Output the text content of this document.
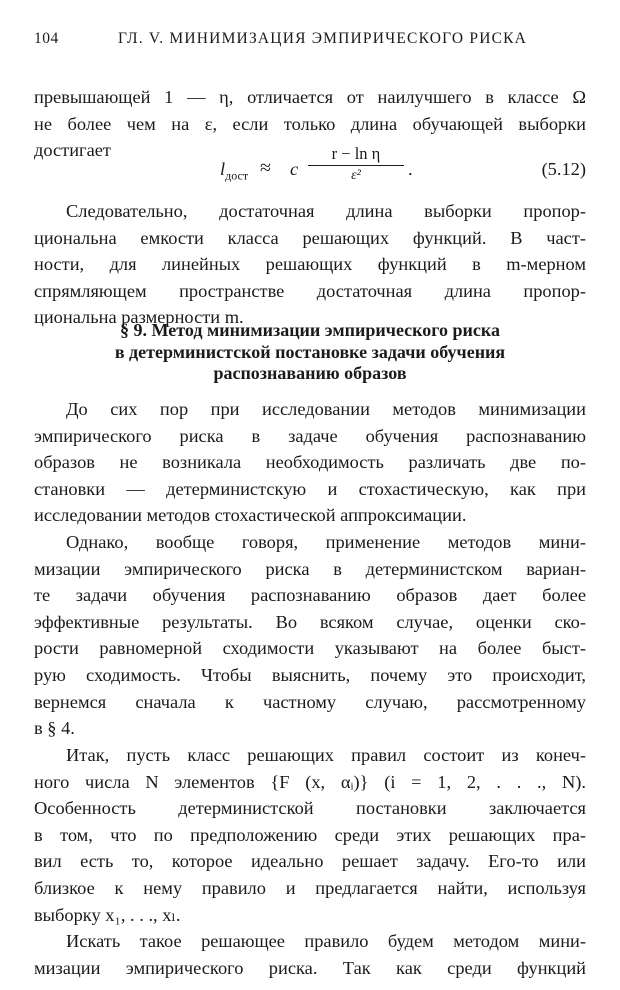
104	ГЛ. V. МИНИМИЗАЦИЯ ЭМПИРИЧЕСКОГО РИСКА

превышающей 1 — η, отличается от наилучшего в классе Ω

не более чем на ε, если только длина обучающей выборки

достигает

$l_{дост} \approx c$
r − ln η
ε²	.	(5.12)

Следовательно, достаточная длина выборки пропор-

циональна емкости класса решающих функций. В част-

ности, для линейных решающих функций в m-мерном

спрямляющем пространстве достаточная длина пропор-

циональна размерности m.

§ 9. Метод минимизации эмпирического риска
в детерминистской постановке задачи обучения
распознаванию образов

До сих пор при исследовании методов минимизации

эмпирического риска в задаче обучения распознаванию

образов не возникала необходимость различать две по-

становки — детерминистскую и стохастическую, как при

исследовании методов стохастической аппроксимации.

Однако, вообще говоря, применение методов мини-

мизации эмпирического риска в детерминистском вариан-

те задачи обучения распознаванию образов дает более

эффективные результаты. Во всяком случае, оценки ско-

рости равномерной сходимости указывают на более быст-

рую сходимость. Чтобы выяснить, почему это происходит,

вернемся сначала к частному случаю, рассмотренному

в § 4.

Итак, пусть класс решающих правил состоит из конеч-

ного числа N элементов {F (x, αᵢ)} (i = 1, 2, . . ., N).

Особенность детерминистской постановки заключается

в том, что по предположению среди этих решающих пра-

вил есть то, которое идеально решает задачу. Его-то или

близкое к нему правило и предлагается найти, используя

выборку x₁, . . ., xₗ.

Искать такое решающее правило будем методом мини-

мизации эмпирического риска. Так как среди функций
